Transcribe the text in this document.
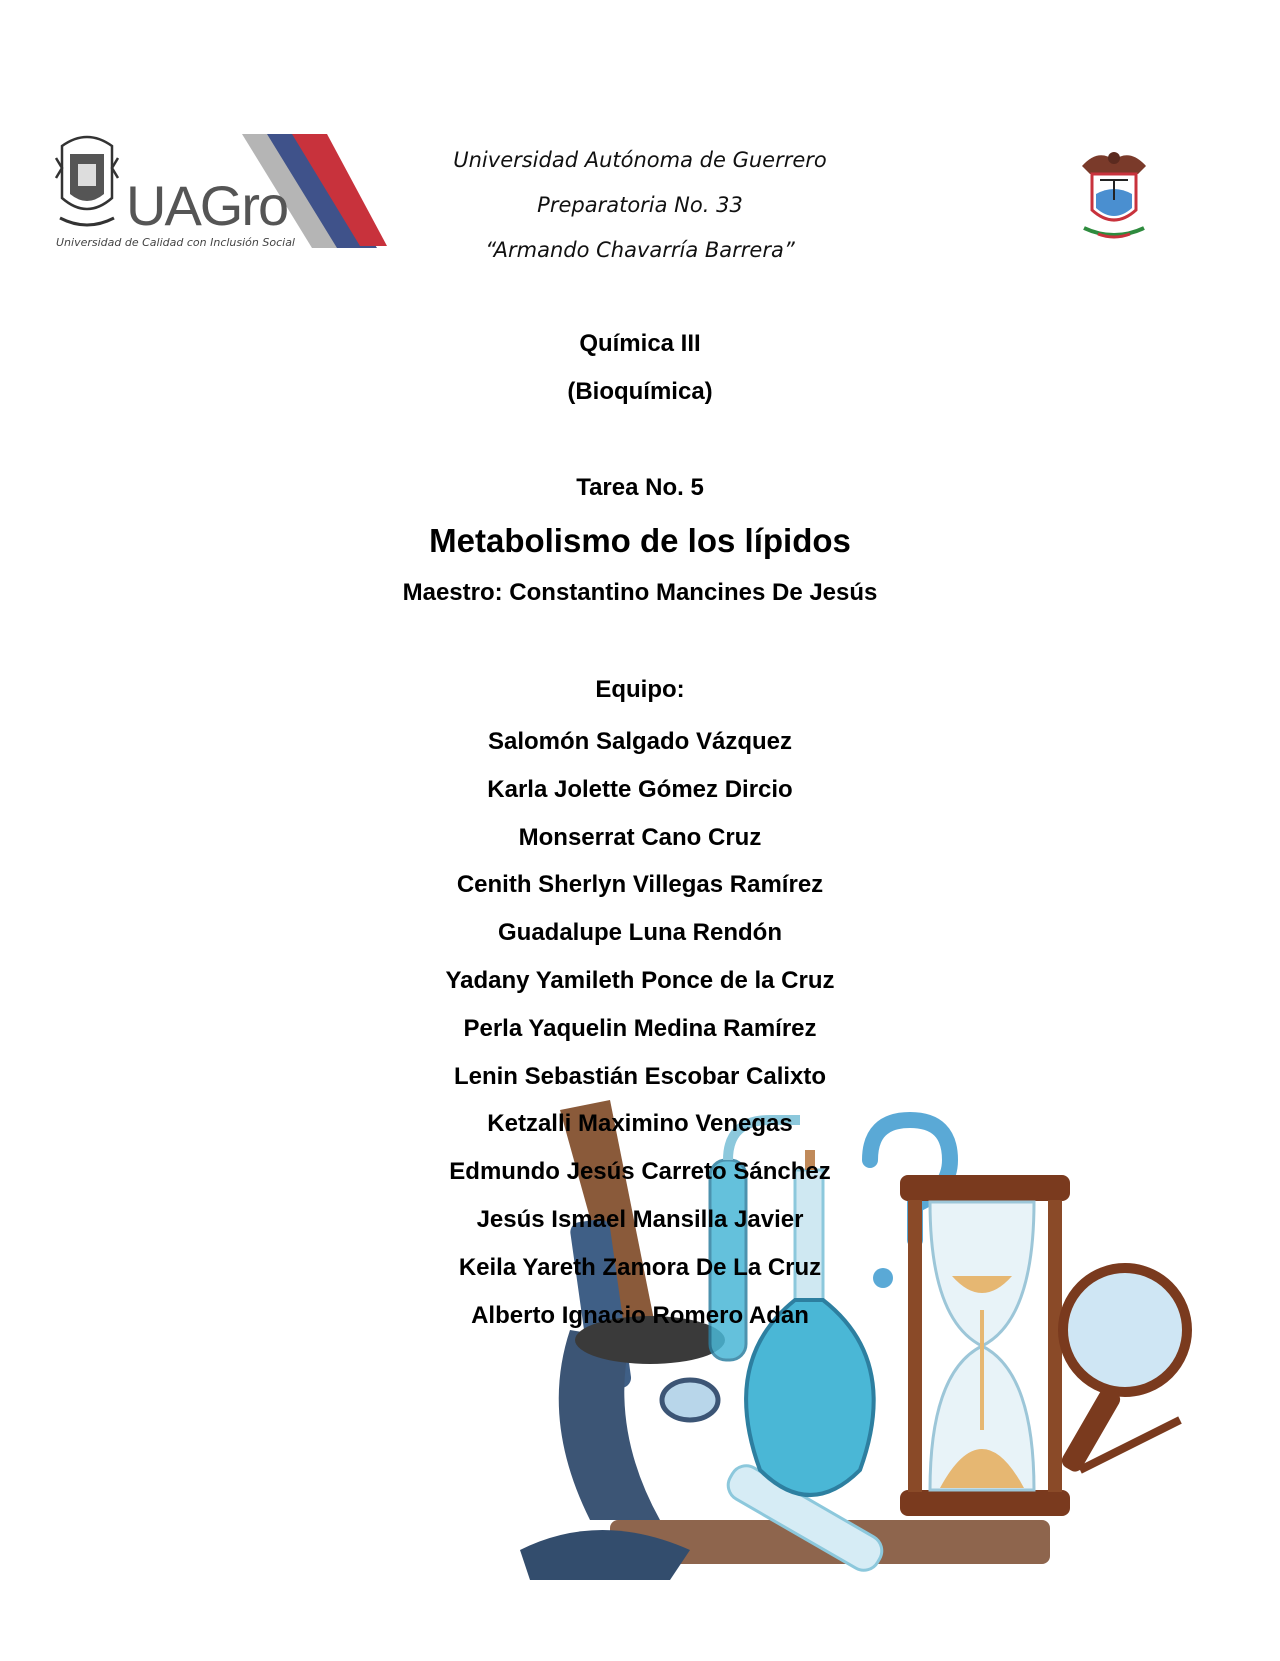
UAGro
Universidad de Calidad con Inclusión Social
Universidad Autónoma de Guerrero
Preparatoria No. 33
“Armando Chavarría Barrera”
Química III
(Bioquímica)
Tarea No. 5
Metabolismo de los lípidos
Maestro: Constantino Mancines De Jesús
Equipo:
Salomón Salgado Vázquez
Karla Jolette Gómez Dircio
Monserrat Cano Cruz
Cenith Sherlyn Villegas Ramírez
Guadalupe Luna Rendón
Yadany Yamileth Ponce de la Cruz
Perla Yaquelin Medina Ramírez
Lenin Sebastián Escobar Calixto
Ketzalli Maximino Venegas
Edmundo Jesús Carreto Sánchez
Jesús Ismael Mansilla Javier
Keila Yareth Zamora De La Cruz
Alberto Ignacio Romero Adan
